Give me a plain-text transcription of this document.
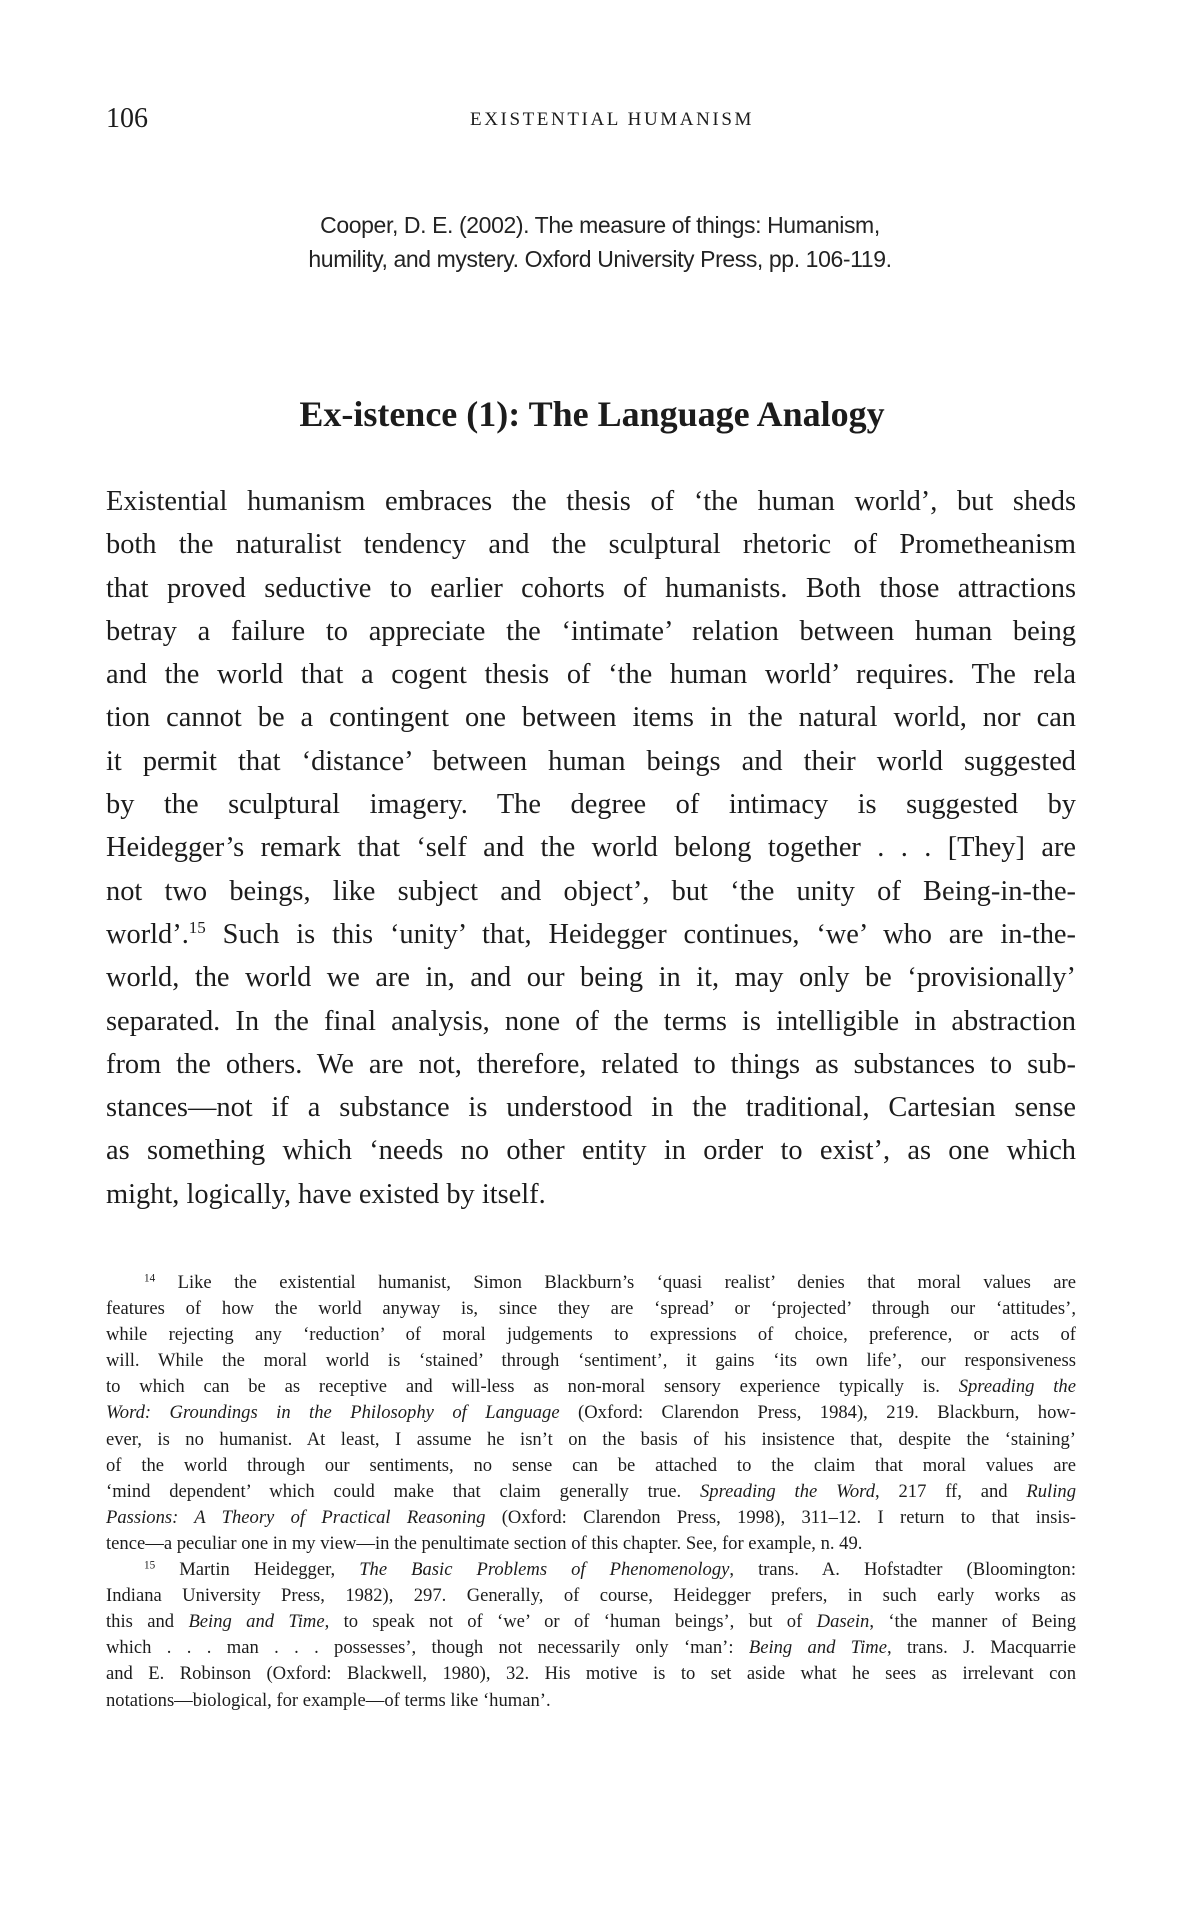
106	EXISTENTIAL HUMANISM
Cooper, D. E. (2002). The measure of things: Humanism,
humility, and mystery. Oxford University Press, pp. 106-119.
Ex-istence (1): The Language Analogy
Existential humanism embraces the thesis of ‘the human world’, but sheds
both the naturalist tendency and the sculptural rhetoric of Prometheanism
that proved seductive to earlier cohorts of humanists. Both those attractions
betray a failure to appreciate the ‘intimate’ relation between human being
and the world that a cogent thesis of ‘the human world’ requires. The rela
tion cannot be a contingent one between items in the natural world, nor can
it permit that ‘distance’ between human beings and their world suggested
by the sculptural imagery. The degree of intimacy is suggested by
Heidegger’s remark that ‘self and the world belong together . . . [They] are
not two beings, like subject and object’, but ‘the unity of Being-in-the-
world’.$^{15}$ Such is this ‘unity’ that, Heidegger continues, ‘we’ who are in-the-
world, the world we are in, and our being in it, may only be ‘provisionally’
separated. In the final analysis, none of the terms is intelligible in abstraction
from the others. We are not, therefore, related to things as substances to sub-
stances—not if a substance is understood in the traditional, Cartesian sense
as something which ‘needs no other entity in order to exist’, as one which
might, logically, have existed by itself.
$^{14}$ Like the existential humanist, Simon Blackburn’s ‘quasi realist’ denies that moral values are
features of how the world anyway is, since they are ‘spread’ or ‘projected’ through our ‘attitudes’,
while rejecting any ‘reduction’ of moral judgements to expressions of choice, preference, or acts of
will. While the moral world is ‘stained’ through ‘sentiment’, it gains ‘its own life’, our responsiveness
to which can be as receptive and will-less as non-moral sensory experience typically is. Spreading the
Word: Groundings in the Philosophy of Language (Oxford: Clarendon Press, 1984), 219. Blackburn, how-
ever, is no humanist. At least, I assume he isn’t on the basis of his insistence that, despite the ‘staining’
of the world through our sentiments, no sense can be attached to the claim that moral values are
‘mind dependent’ which could make that claim generally true. Spreading the Word, 217 ff, and Ruling
Passions: A Theory of Practical Reasoning (Oxford: Clarendon Press, 1998), 311–12. I return to that insis-
tence—a peculiar one in my view—in the penultimate section of this chapter. See, for example, n. 49.
$^{15}$ Martin Heidegger, The Basic Problems of Phenomenology, trans. A. Hofstadter (Bloomington:
Indiana University Press, 1982), 297. Generally, of course, Heidegger prefers, in such early works as
this and Being and Time, to speak not of ‘we’ or of ‘human beings’, but of Dasein, ‘the manner of Being
which . . . man . . . possesses’, though not necessarily only ‘man’: Being and Time, trans. J. Macquarrie
and E. Robinson (Oxford: Blackwell, 1980), 32. His motive is to set aside what he sees as irrelevant con
notations—biological, for example—of terms like ‘human’.
